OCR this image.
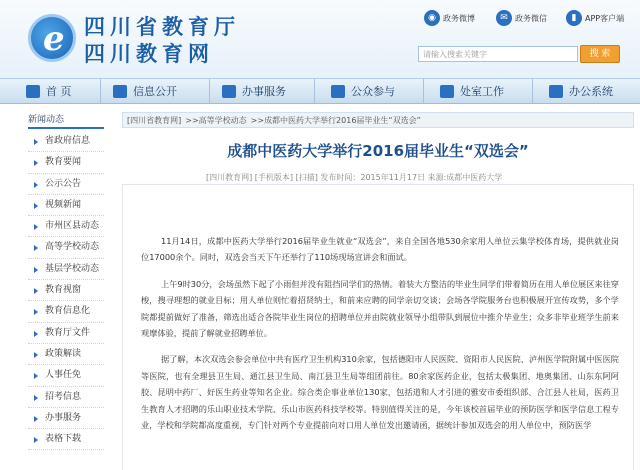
e
四川省教育厅
四川教育网
◉ 政务微博	✉ 政务微信	▮	APP客户端
请输入搜索关键字	搜 索
首 页	信息公开	办事服务	公众参与	处室工作	办公系统
新闻动态
省政府信息
教育要闻
公示公告
视频新闻
市州区县动态
高等学校动态
基层学校动态
教育视窗
教育信息化
教育厅文件
政策解读
人事任免
招考信息
办事服务
表格下载
[四川省教育网] >>高等学校动态 >>成都中医药大学举行2016届毕业生“双选会”
成都中医药大学举行2016届毕业生“双选会”
[四川教育网] [手机版本] [扫描] 发布时间：2015年11月17日 来源:成都中医药大学

11月14日，成都中医药大学举行2016届毕业生就业“双选会”，来自全国各地530余家用人单位云集学校体育场，提供就业岗位17000余个。同时，双选会当天下午还举行了110场现场宣讲会和面试。

上午9时30分，会场虽然下起了小雨但并没有阻挡同学们的热情。着装大方整洁的毕业生同学们带着简历在用人单位展区来往穿梭，搜寻理想的就业目标；用人单位则忙着招贤纳士，和前来应聘的同学亲切交谈；会场各学院服务台也积极展开宣传攻势，多个学院都提前做好了准备，筛选出适合各院毕业生岗位的招聘单位并由院就业领导小组带队到展位中推介毕业生；众多非毕业班学生前来观摩体验，提前了解就业招聘单位。

据了解，本次双选会参会单位中共有医疗卫生机构310余家，包括德阳市人民医院、资阳市人民医院、泸州医学院附属中医医院等医院，也有全理县卫生局、通江县卫生局、南江县卫生局等组团前往。80余家医药企业，包括太极集团、地奥集团、山东东阿阿胶、昆明中药厂、好医生药业等知名企业。综合类企事业单位130家，包括道和人才引进的雅安市委组织部、合江县人社局，医药卫生教育人才招聘的乐山职业技术学院、乐山市医药科技学校等。特别值得关注的是，今年该校首届毕业的预防医学和医学信息工程专业，学校和学院都高度重视，专门针对两个专业提前向对口用人单位发出邀请函，据统计参加双选会的用人单位中，预防医学
